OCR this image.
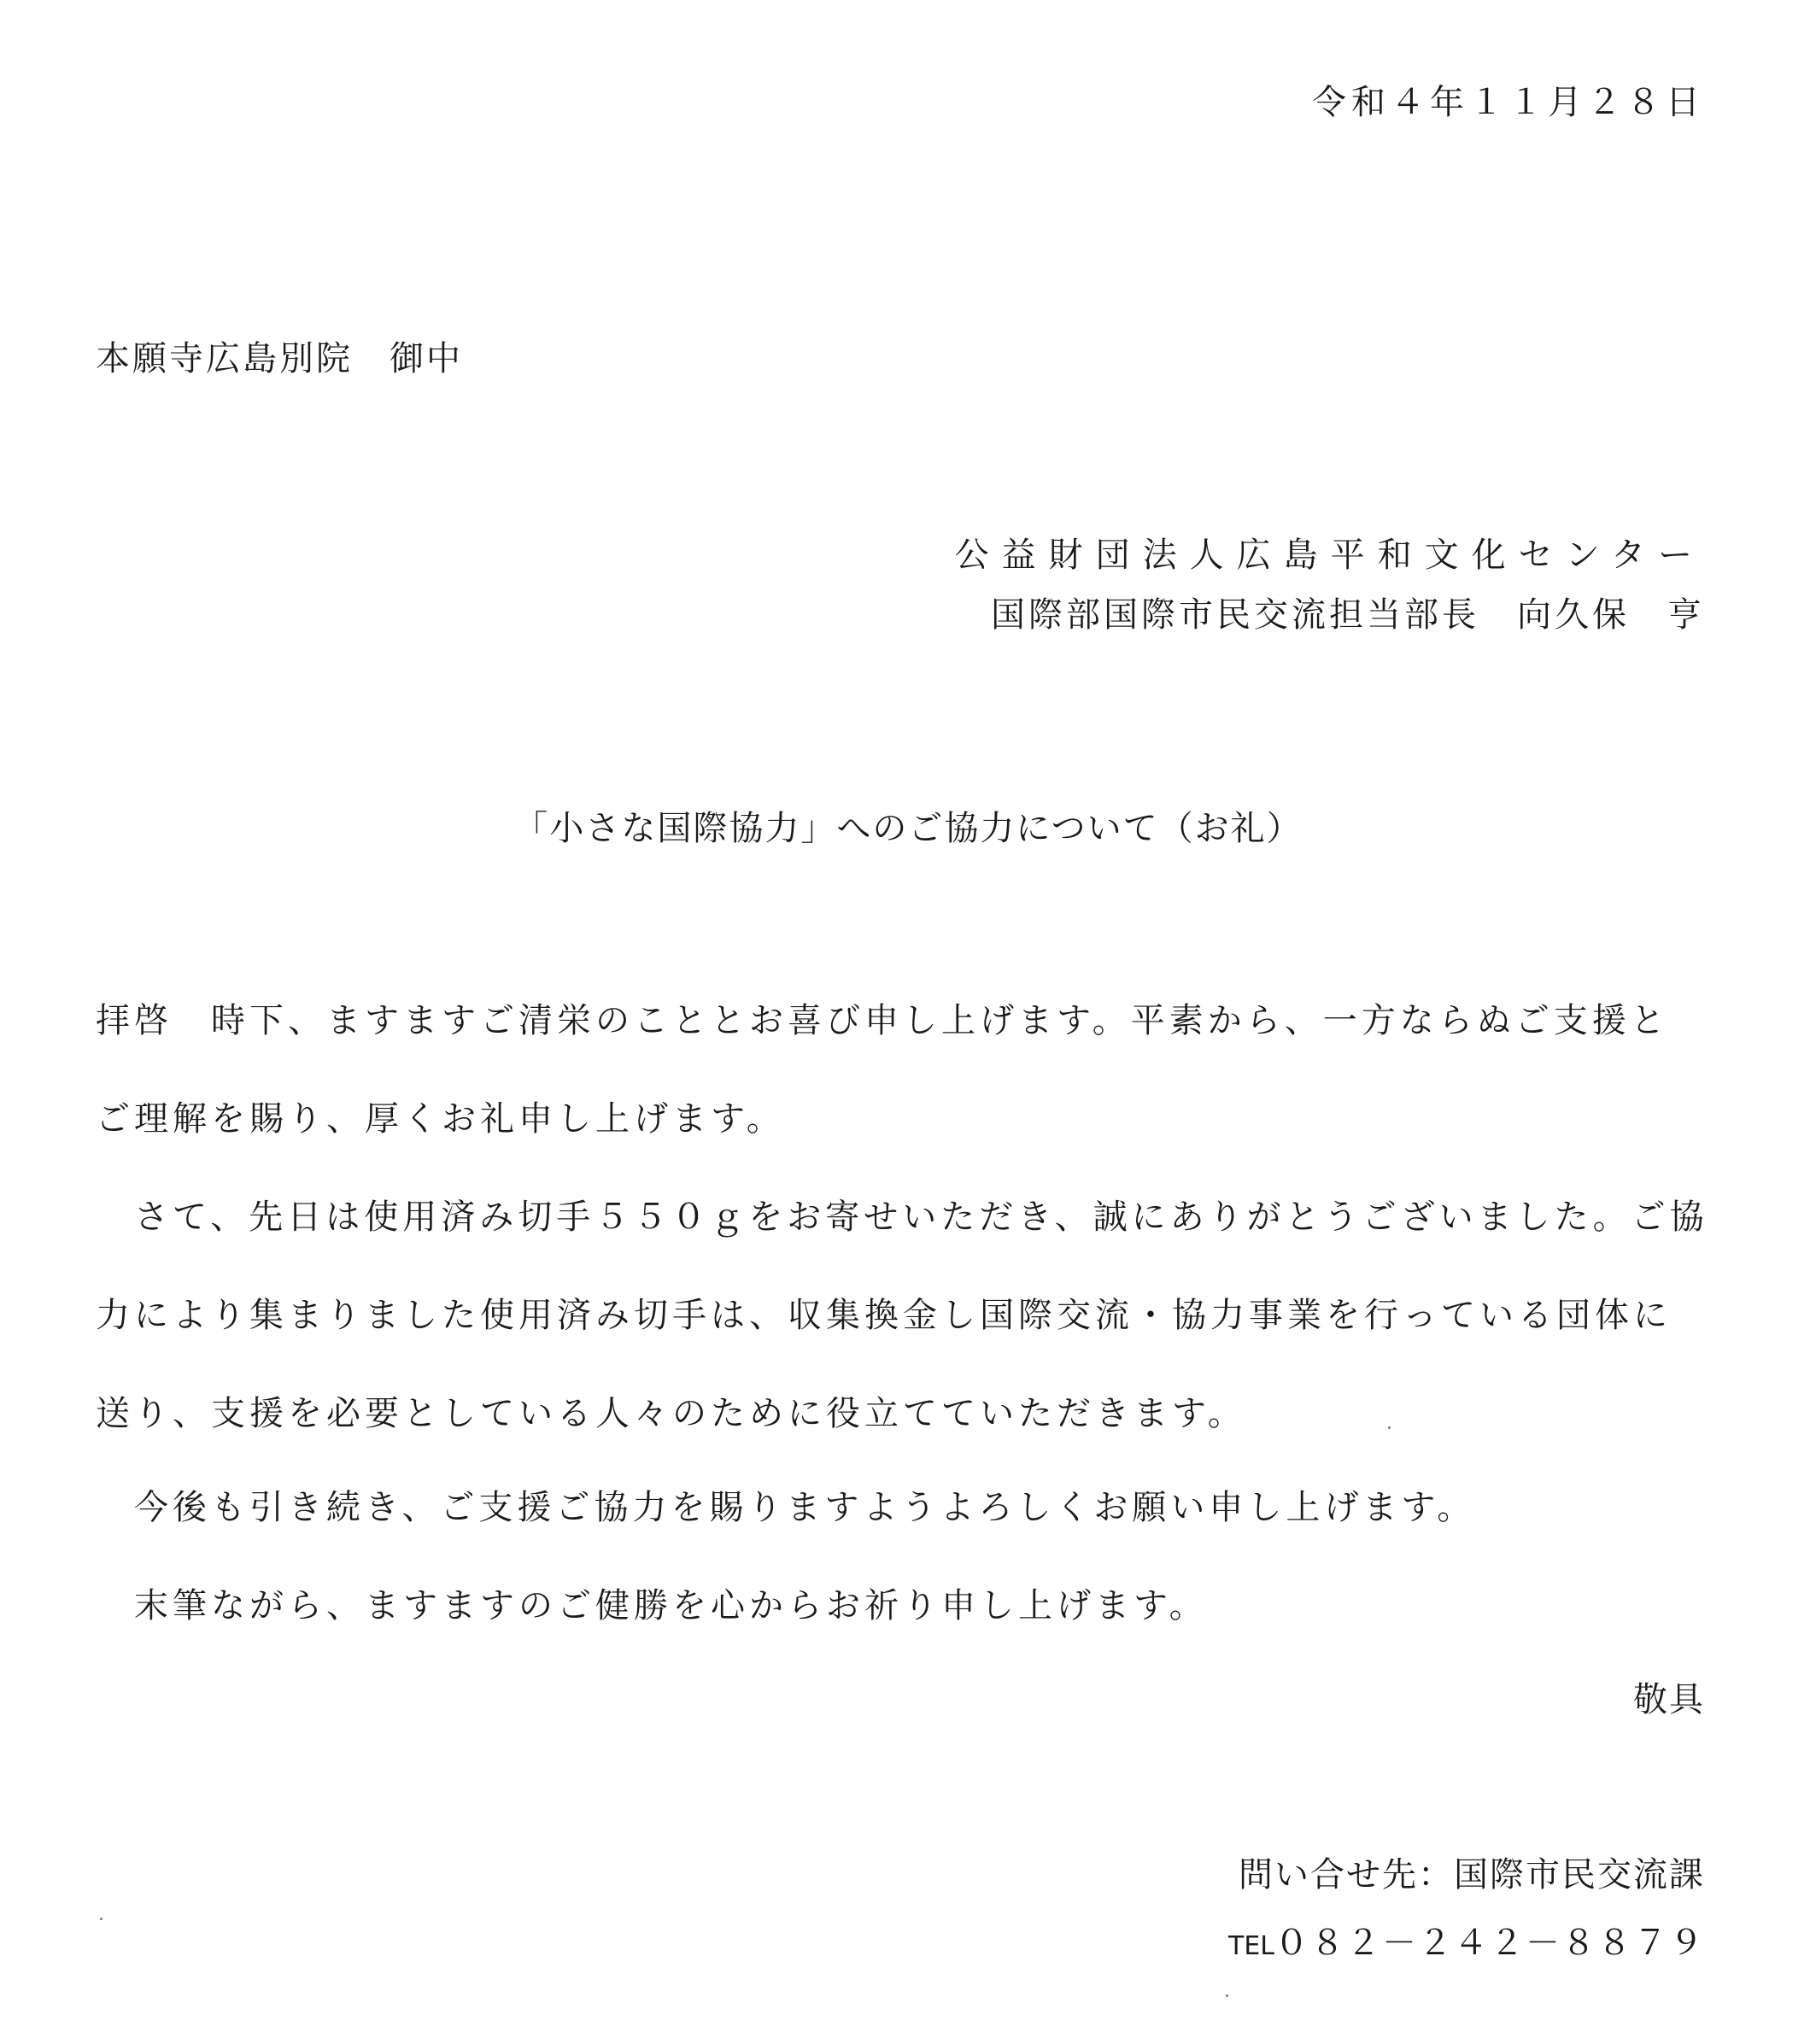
令和４年１１月２８日
本願寺広島別院　御中
公益財団法人広島平和文化センター
国際部国際市民交流担当部長　向久保　亨
「小さな国際協力」へのご協力について（お礼）
拝啓　時下、ますますご清栄のこととお喜び申し上げます。平素から、一方ならぬご支援と
ご理解を賜り、厚くお礼申し上げます。
さて、先日は使用済み切手５５０ｇをお寄せいただき、誠にありがとうございました。ご協
力により集まりました使用済み切手は、収集換金し国際交流・協力事業を行っている団体に
送り、支援を必要としている人々のために役立てていただきます。
今後も引き続き、ご支援ご協力を賜りますようよろしくお願い申し上げます。
末筆ながら、ますますのご健勝を心からお祈り申し上げます。
敬具
問い合せ先：国際市民交流課
TEL０８２－２４２－８８７９
